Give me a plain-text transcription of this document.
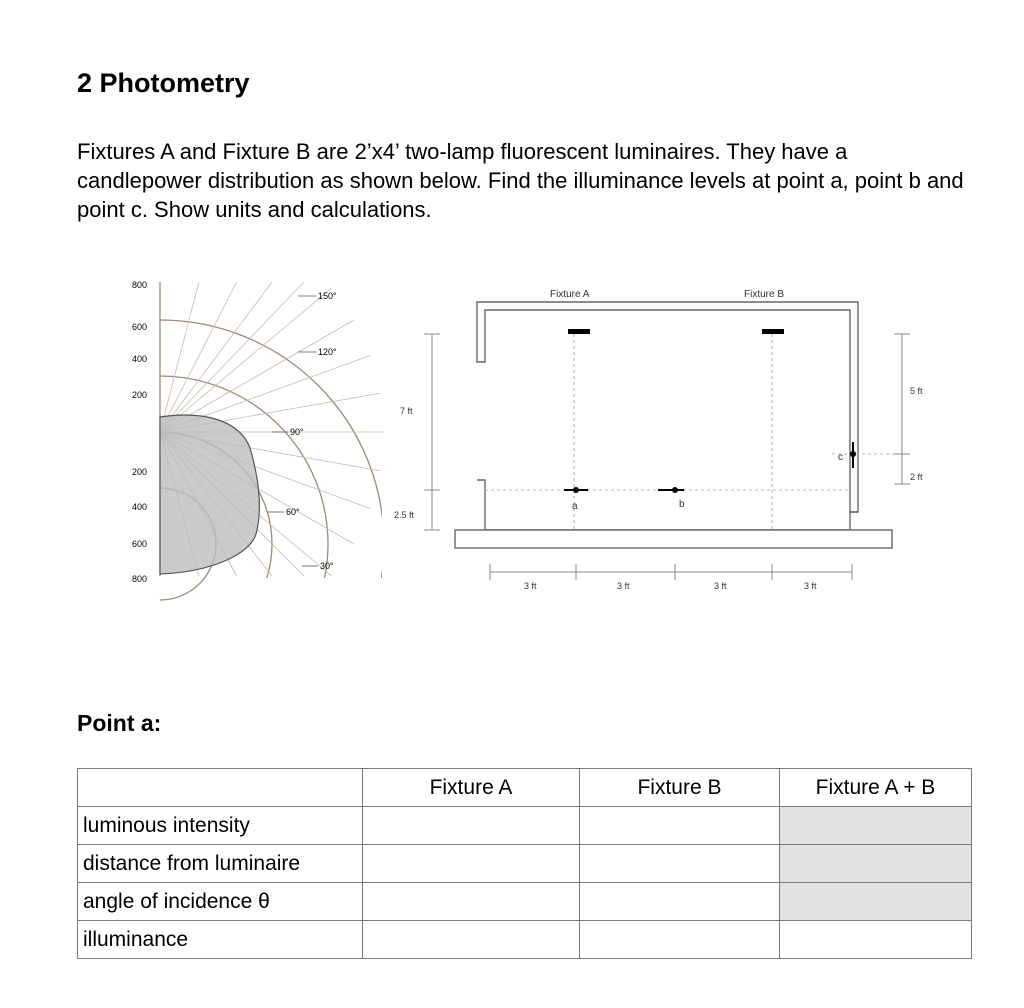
2 Photometry

Fixtures A and Fixture B are 2’x4’ two-lamp fluorescent luminaires. They have a candlepower distribution as shown below. Find the illuminance levels at point a, point b and point c. Show units and calculations.

800
600
400
200
200
400
600
800
150°
120°
90°
60°
30°
Fixture A	Fixture B
7 ft
2.5 ft
5 ft
2 ft
a	b
c
3 ft	3 ft	3 ft	3 ft
Point a:
	Fixture A	Fixture B	Fixture A + B
luminous intensity			
distance from luminaire			
angle of incidence θ			
illuminance			
